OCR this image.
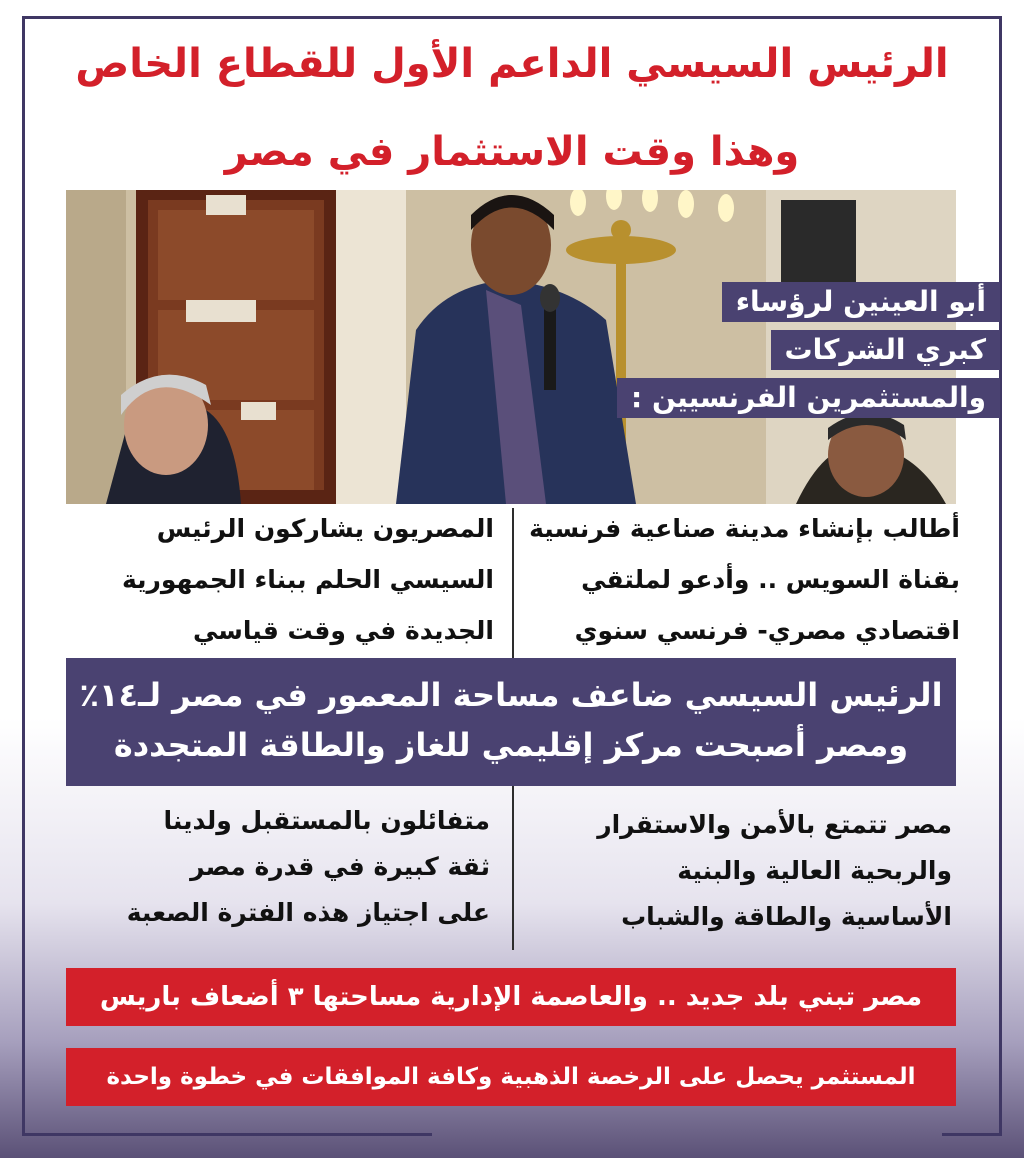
الرئيس السيسي الداعم الأول للقطاع الخاص
وهذا وقت الاستثمار في مصر
أبو العينين لرؤساء
كبري الشركات
والمستثمرين الفرنسيين :
أطالب بإنشاء مدينة صناعية فرنسية
بقناة السويس .. وأدعو لملتقي
اقتصادي مصري- فرنسي سنوي
المصريون يشاركون الرئيس
السيسي الحلم ببناء الجمهورية
الجديدة في وقت قياسي
الرئيس السيسي ضاعف مساحة المعمور في مصر لـ١٤٪
ومصر أصبحت مركز إقليمي للغاز والطاقة المتجددة
مصر تتمتع بالأمن والاستقرار
والربحية العالية والبنية
الأساسية والطاقة والشباب
متفائلون بالمستقبل ولدينا
ثقة كبيرة في قدرة مصر
على اجتياز هذه الفترة الصعبة
مصر تبني بلد جديد .. والعاصمة الإدارية مساحتها ٣ أضعاف باريس
المستثمر يحصل على الرخصة الذهبية وكافة الموافقات في خطوة واحدة
